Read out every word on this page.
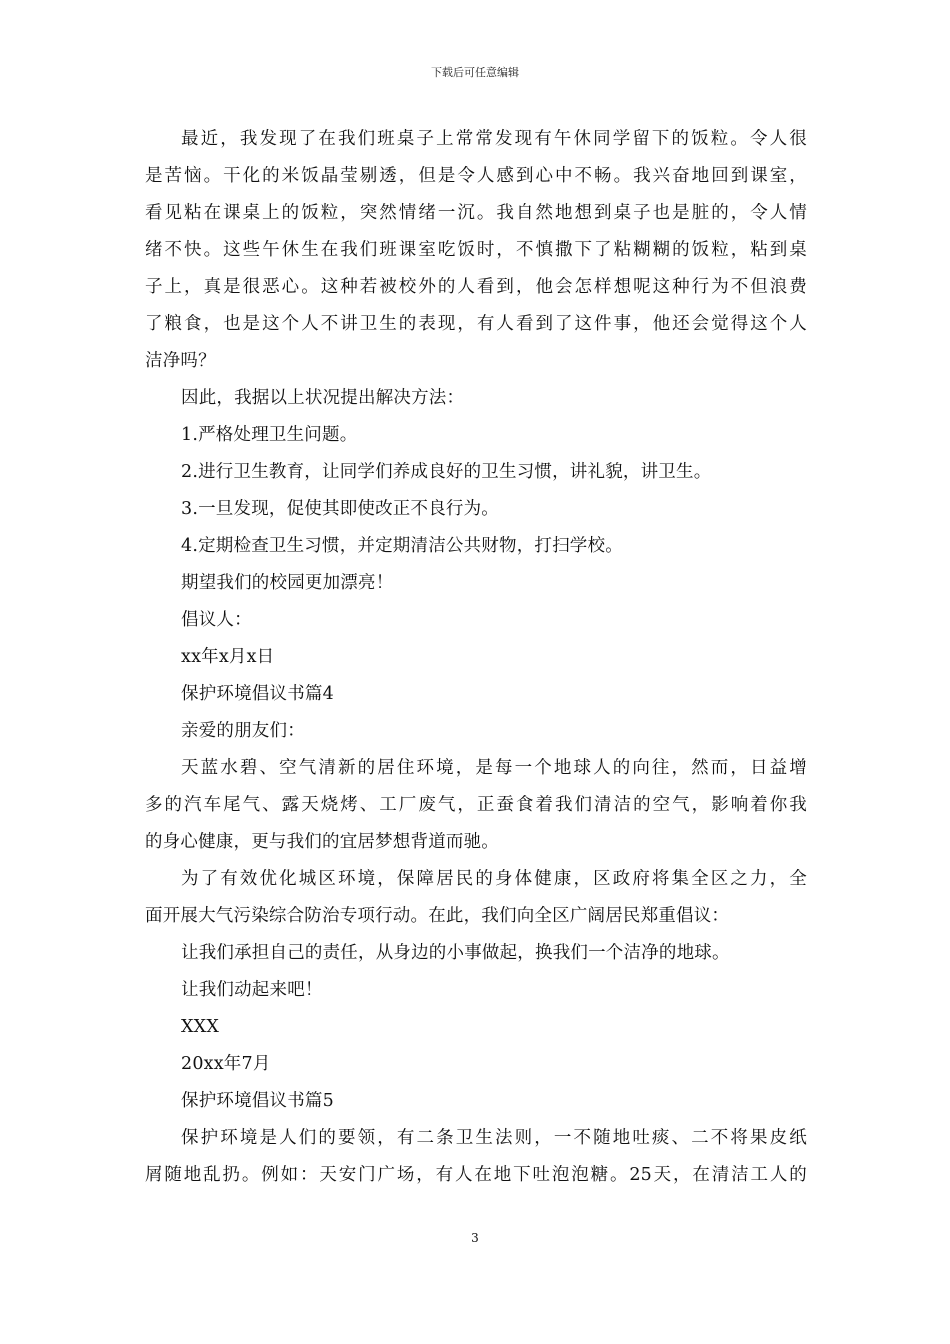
下载后可任意编辑
最近，我发现了在我们班桌子上常常发现有午休同学留下的饭粒。令人很
是苦恼。干化的米饭晶莹剔透，但是令人感到心中不畅。我兴奋地回到课室，
看见粘在课桌上的饭粒，突然情绪一沉。我自然地想到桌子也是脏的，令人情
绪不快。这些午休生在我们班课室吃饭时，不慎撒下了粘糊糊的饭粒，粘到桌
子上，真是很恶心。这种若被校外的人看到，他会怎样想呢这种行为不但浪费
了粮食，也是这个人不讲卫生的表现，有人看到了这件事，他还会觉得这个人
洁净吗？
因此，我据以上状况提出解决方法：
1.严格处理卫生问题。
2.进行卫生教育，让同学们养成良好的卫生习惯，讲礼貌，讲卫生。
3.一旦发现，促使其即使改正不良行为。
4.定期检查卫生习惯，并定期清洁公共财物，打扫学校。
期望我们的校园更加漂亮！
倡议人：
xx年x月x日
保护环境倡议书篇4
亲爱的朋友们：
天蓝水碧、空气清新的居住环境，是每一个地球人的向往，然而，日益增
多的汽车尾气、露天烧烤、工厂废气，正蚕食着我们清洁的空气，影响着你我
的身心健康，更与我们的宜居梦想背道而驰。
为了有效优化城区环境，保障居民的身体健康，区政府将集全区之力，全
面开展大气污染综合防治专项行动。在此，我们向全区广阔居民郑重倡议：
让我们承担自己的责任，从身边的小事做起，换我们一个洁净的地球。
让我们动起来吧！
XXX
20xx年7月
保护环境倡议书篇5
保护环境是人们的要领，有二条卫生法则，一不随地吐痰、二不将果皮纸
屑随地乱扔。例如：天安门广场，有人在地下吐泡泡糖。25天，在清洁工人的
3
